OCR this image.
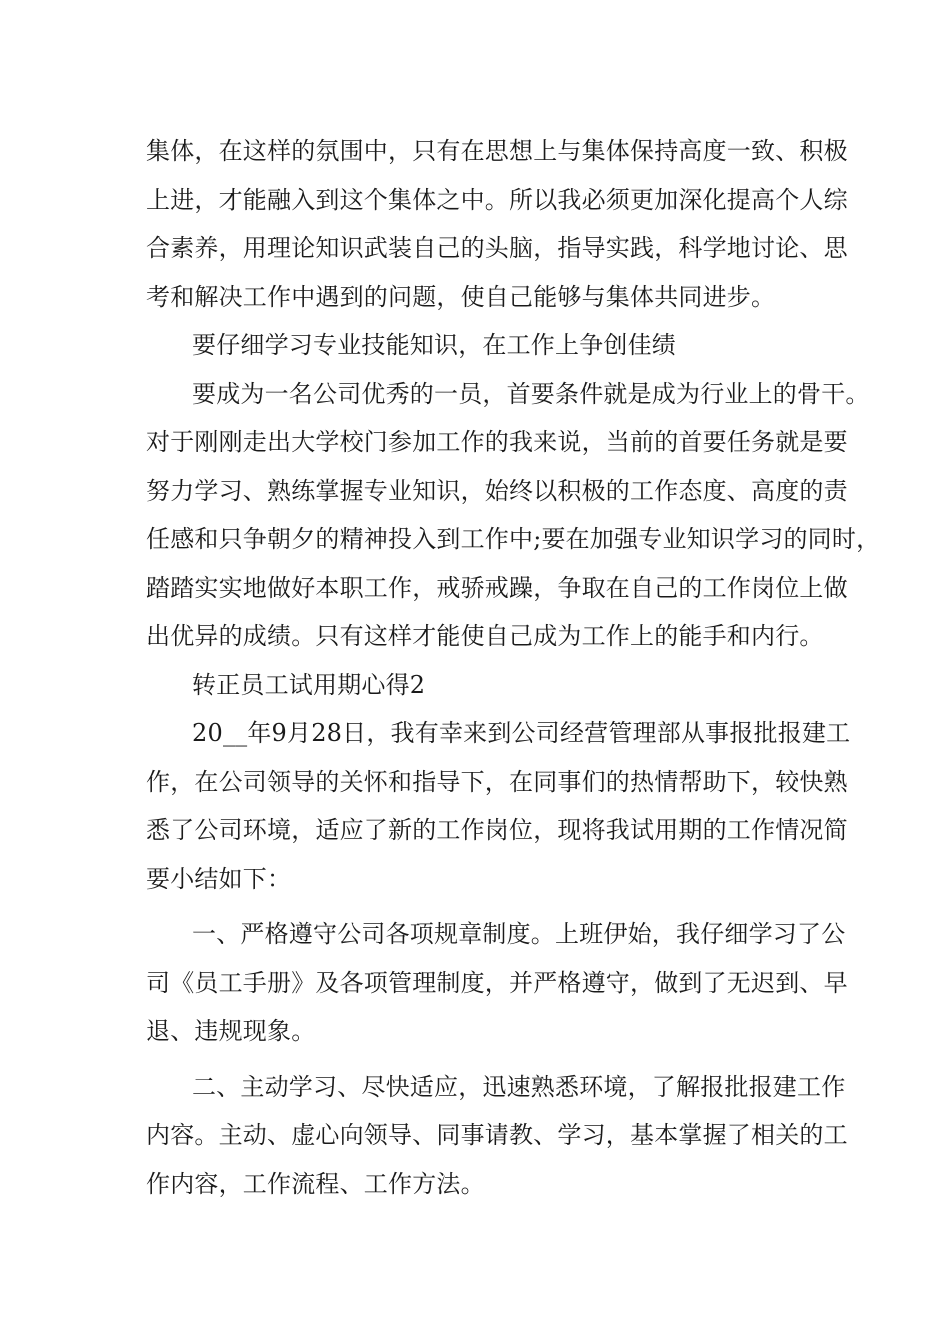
集体，在这样的氛围中，只有在思想上与集体保持高度一致、积极
上进，才能融入到这个集体之中。所以我必须更加深化提高个人综
合素养，用理论知识武装自己的头脑，指导实践，科学地讨论、思
考和解决工作中遇到的问题，使自己能够与集体共同进步。
要仔细学习专业技能知识，在工作上争创佳绩
要成为一名公司优秀的一员，首要条件就是成为行业上的骨干。
对于刚刚走出大学校门参加工作的我来说，当前的首要任务就是要
努力学习、熟练掌握专业知识，始终以积极的工作态度、高度的责
任感和只争朝夕的精神投入到工作中;要在加强专业知识学习的同时，
踏踏实实地做好本职工作，戒骄戒躁，争取在自己的工作岗位上做
出优异的成绩。只有这样才能使自己成为工作上的能手和内行。
转正员工试用期心得2
20__年9月28日，我有幸来到公司经营管理部从事报批报建工
作，在公司领导的关怀和指导下，在同事们的热情帮助下，较快熟
悉了公司环境，适应了新的工作岗位，现将我试用期的工作情况简
要小结如下：
一、严格遵守公司各项规章制度。上班伊始，我仔细学习了公
司《员工手册》及各项管理制度，并严格遵守，做到了无迟到、早
退、违规现象。
二、主动学习、尽快适应，迅速熟悉环境，了解报批报建工作
内容。主动、虚心向领导、同事请教、学习，基本掌握了相关的工
作内容，工作流程、工作方法。
